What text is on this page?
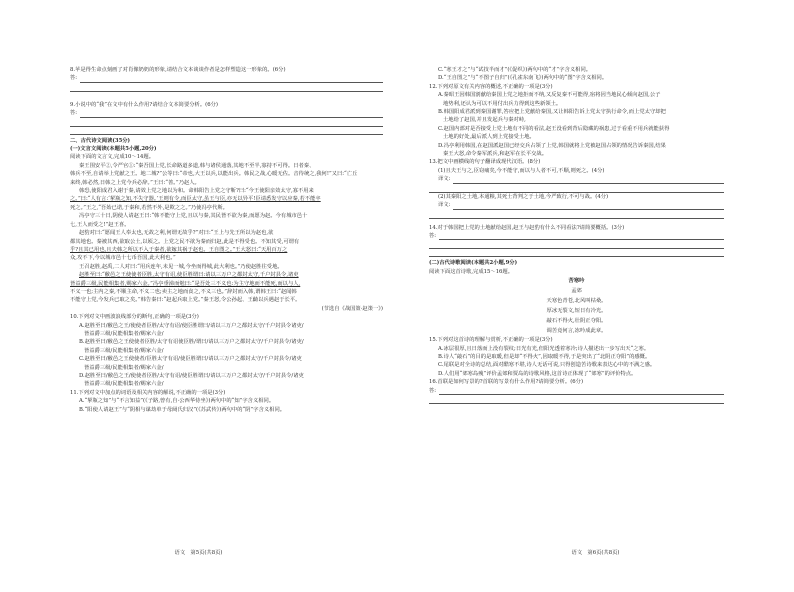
8.苹是得生命点刻画了对肖像奶奶的形象,请结合文本谈谈作者是怎样塑造这一形象的。(6分)
答:
9.小说中的“我”在文中有什么作用?请结合文本简要分析。(6分)
答:
二、古代诗文阅读(35分)
(一)文言文阅读(本题共5小题,20分)
阅读下面的文言文,完成10～14题。
秦王围安平②,令严官①:“秦吾国上党,长命路道多道,韩与诸侯通落,其地不至半,寡持不可得。日者秦、
韩兵不至,自请举上党献之王。地二城?”公等曰:“帝也,大王以兵,以能出兵。韩民之战,心暖无佐。音待统之,我何!”又曰:“亡丘
来终,韩必然,日韩之上党今兵必辞。”王曰:“善。”乃赵人。
韩恐,使阳成君入谢于秦,请效上党之地以为和。命韩阳告上党之守靳?曰:“今王使阳亲效太守,寡不用来
之。”曰:“人有言:‘挈瓶之知,不失守器。’王则有令,而臣太守,虽王与臣,亦无以异平!臣请悉发守以应秦,若不能卒
死之。”王之,“吾始已诺,于秦和,若然不外,是欺之之。”乃使冯亭代斯。
冯亭守三十日,阴使人请赵王曰:“韩不能守上党,且以与秦,其民皆不欲为秦,而愿为赵。今有城市邑十
七,王人而受之!”赵王喜。
赵豹对曰:“愿闻王人奉太也,无故之利,何谓无故乎?”对曰:“王上与先王所以为赵也,欲
都其地也。秦被其西,欲取公土,以顷之。上党之民不欲为秦而归赵,此是不得受也。不知其受,可谓有
乎?且其已用也,且夫韩之所以不入于秦者,欲嫁其祸于赵也。王自图之。”王大怒曰:“天用百万之
众,攻不下,今以城市邑十七币吾国,此大利也。”
王召赵胜,赵禹,二人对曰:“用兵连年,未见一城,今坐而得城,此大利也。”乃使赵胜往受地。
赵胜至曰:“敝邑之王使使者臣胜,太守有诏,使臣胜谓曰:请以三万户之都封太守,千户封县令,诸吏
皆益爵三级,民能相集者,赐家六金。”冯亭垂涕而勉曰:“是吾处三不义也:为主守地而不能死,而以与人,
不义一也;主内之秦,不顺主命,不义二也;卖主之地而食之,不义三也。”辞封而入韩,谓韩王曰:“赵闻韩
不能守上党,今发兵已取之矣。”韩告秦曰:“赵起兵取上党。”秦王怒,令公孙起、王齮以兵遇赵于长平。
(节选自《战国策·赵策一》)
10.下列对文中画波浪线部分的断句,正确的一项是(3分)
A.赵胜至曰/敝邑之王/使使者臣胜/太守有诏/使臣胜谓曰/请以三万户之都封太守/千户封县令诸吏/
皆益爵三级/民能相集者/赐家六金/
B.赵胜至曰/敝邑之王使使者臣胜/太守有诏使臣胜/谓曰/请以三万户之都封太守/千户封县令/诸吏/
皆益爵三级/民能相集者/赐家六金/
C.赵胜至曰/敝邑之王使使者/臣胜太守有诏/使臣胜谓曰/请以三万户之都封太守/千户封县令/诸吏
皆益爵三级/民能相集者/赐家六金/
D.赵胜至曰/敝邑之王/使使者臣胜/太守有诏/使臣胜谓曰/请以三万户之都封太守/千户封县令/诸吏
皆益爵三级/民能相集者/赐家六金/
11.下列对文中加点的词语及相关内容的解说,不正确的一项是(3分)
A.“挈瓶之知”与“不言知益”(《子路,曾有,自·公西华侍坐》)两句中的“知”字含义相同。
B.“阳使人请赵王”与“阴相与谋劫单于母阏氏归汉”(《苏武传》)两句中的“阴”字含义相同。
语文　第5页(共8页)
C.“寒王才之”与“试技半而才”(《促织》)两句中的“才”字含义相同。
D.“王自图之”与“不图子自归”(《孔雀东南飞》)两句中的“图”字含义相同。
12.下列对原文有关内容的概述,不正确的一项是(3分)
A.秦昭王因韩国割献给秦国上党之地拒而不纳,又反复秦不可能得,宿将因当地民心倾向赵国,公子
地势利,还认为可以不用付出兵力得到这些新领土。
B.韩国阳成君派到秦国谢罪,答应把上党献给秦国,又让韩阳告诉上党太守执行命令,而上党太守却把
土地给了赵国,并且发起兵与秦对峙,
C.赵国内部对是否接受上党土地有不同的看法,赵王没看到背后隐藏的祸患,过于看重不用兵就能获得
土地的好处,最后派人到上党接受土地。
D.冯亭利用韩国,在赵国派赵国已经交兵占领了上党,韩国就将上党被赵国占领的情况告诉秦国,结果
秦王大怒,命令秦军派兵,和赵军在长平交战。
13.把文中画横线的句子翻译成现代汉语。(8分)
(1)且夫王与之,臣窃痛矣,今不能守,而以与人者不可,不顺,则死之。(4分)
译文:
(2)其秦阳之土地,本通粮,其死土背判之于土地,今严致行,不可与战。(4分)
译文:
14.对于韩国把上党的土地献给赵国,赵王与赵豹有什么不同看法?请简要概括。(3分)
答:
(二)古代诗歌阅读(本题共2小题,9分)
阅读下面这首诗歌,完成15～16题。
苦寒吟
孟郊
天寒色青苍,北风叫枯桑。
厚冰无裂文,短日有冷光。
敲石不得火,壮阴正夺阳。
调苦竟何言,冻吟成此章。
15.下列对这首诗的理解与赏析,不正确的一项是(3分)
A.冰层很厚,且日落而上没有裂纹;日光有光,但阳光透着寒冷;诗人描述出一步写出天“之寒。
B.诗人“敲石”的目的是取暖,但是却“不得火”,因取暖不得,于是突出了“北阴正夺阳”的感慨。
C.尾联是对全诗的总结,面对酷寒不堪,诗人无话可说,只得创造苦诗歌来表达心中的不满之感。
D.人们用“郊寒岛瘦”评价孟郊和贾岛的诗歌风格,这首诗正体现了“郊寒”的评价特点。
16.首联是如何写景的?首联的写景有什么作用?请简要分析。(6分)
答:
语文　第6页(共8页)
